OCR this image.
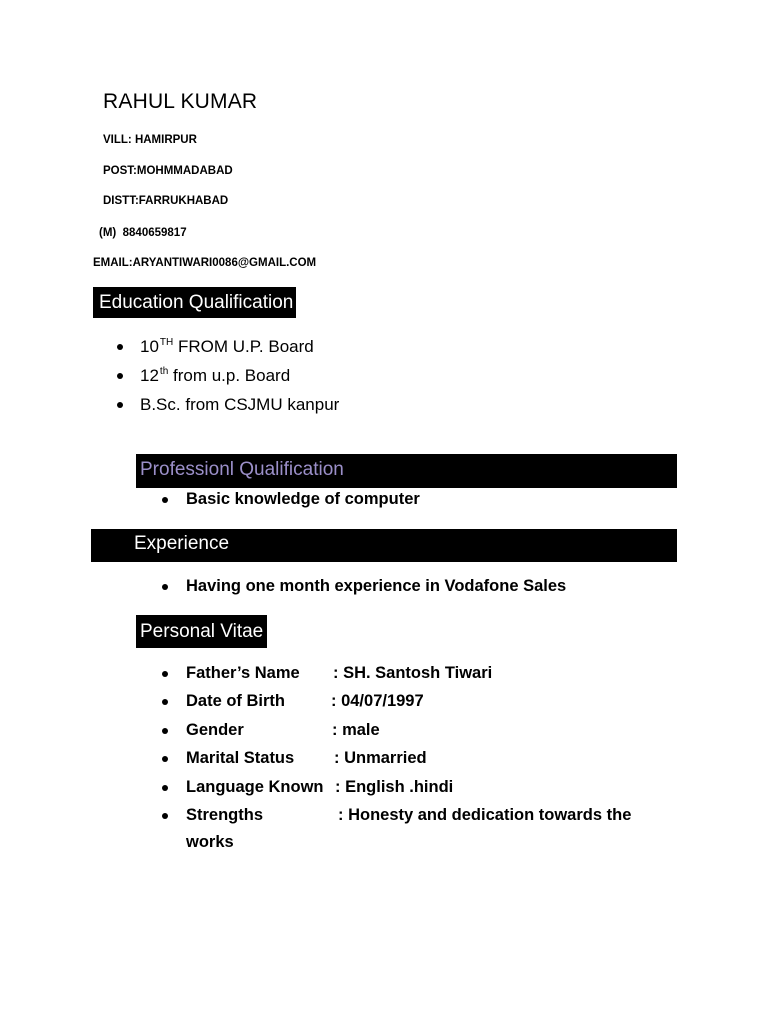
RAHUL KUMAR
VILL: HAMIRPUR
POST:MOHMMADABAD
DISTT:FARRUKHABAD
(M) 8840659817
EMAIL:ARYANTIWARI0086@GMAIL.COM
Education Qualification
10TH FROM U.P. Board
12th from u.p. Board
B.Sc. from CSJMU kanpur
Professionl Qualification
Basic knowledge of computer
Experience
Having one month experience in Vodafone Sales
Personal Vitae
Father’s Name : SH. Santosh Tiwari
Date of Birth	: 04/07/1997
Gender	: male
Marital Status : Unmarried
Language Known : English .hindi
Strengths	: Honesty and dedication towards the
works
